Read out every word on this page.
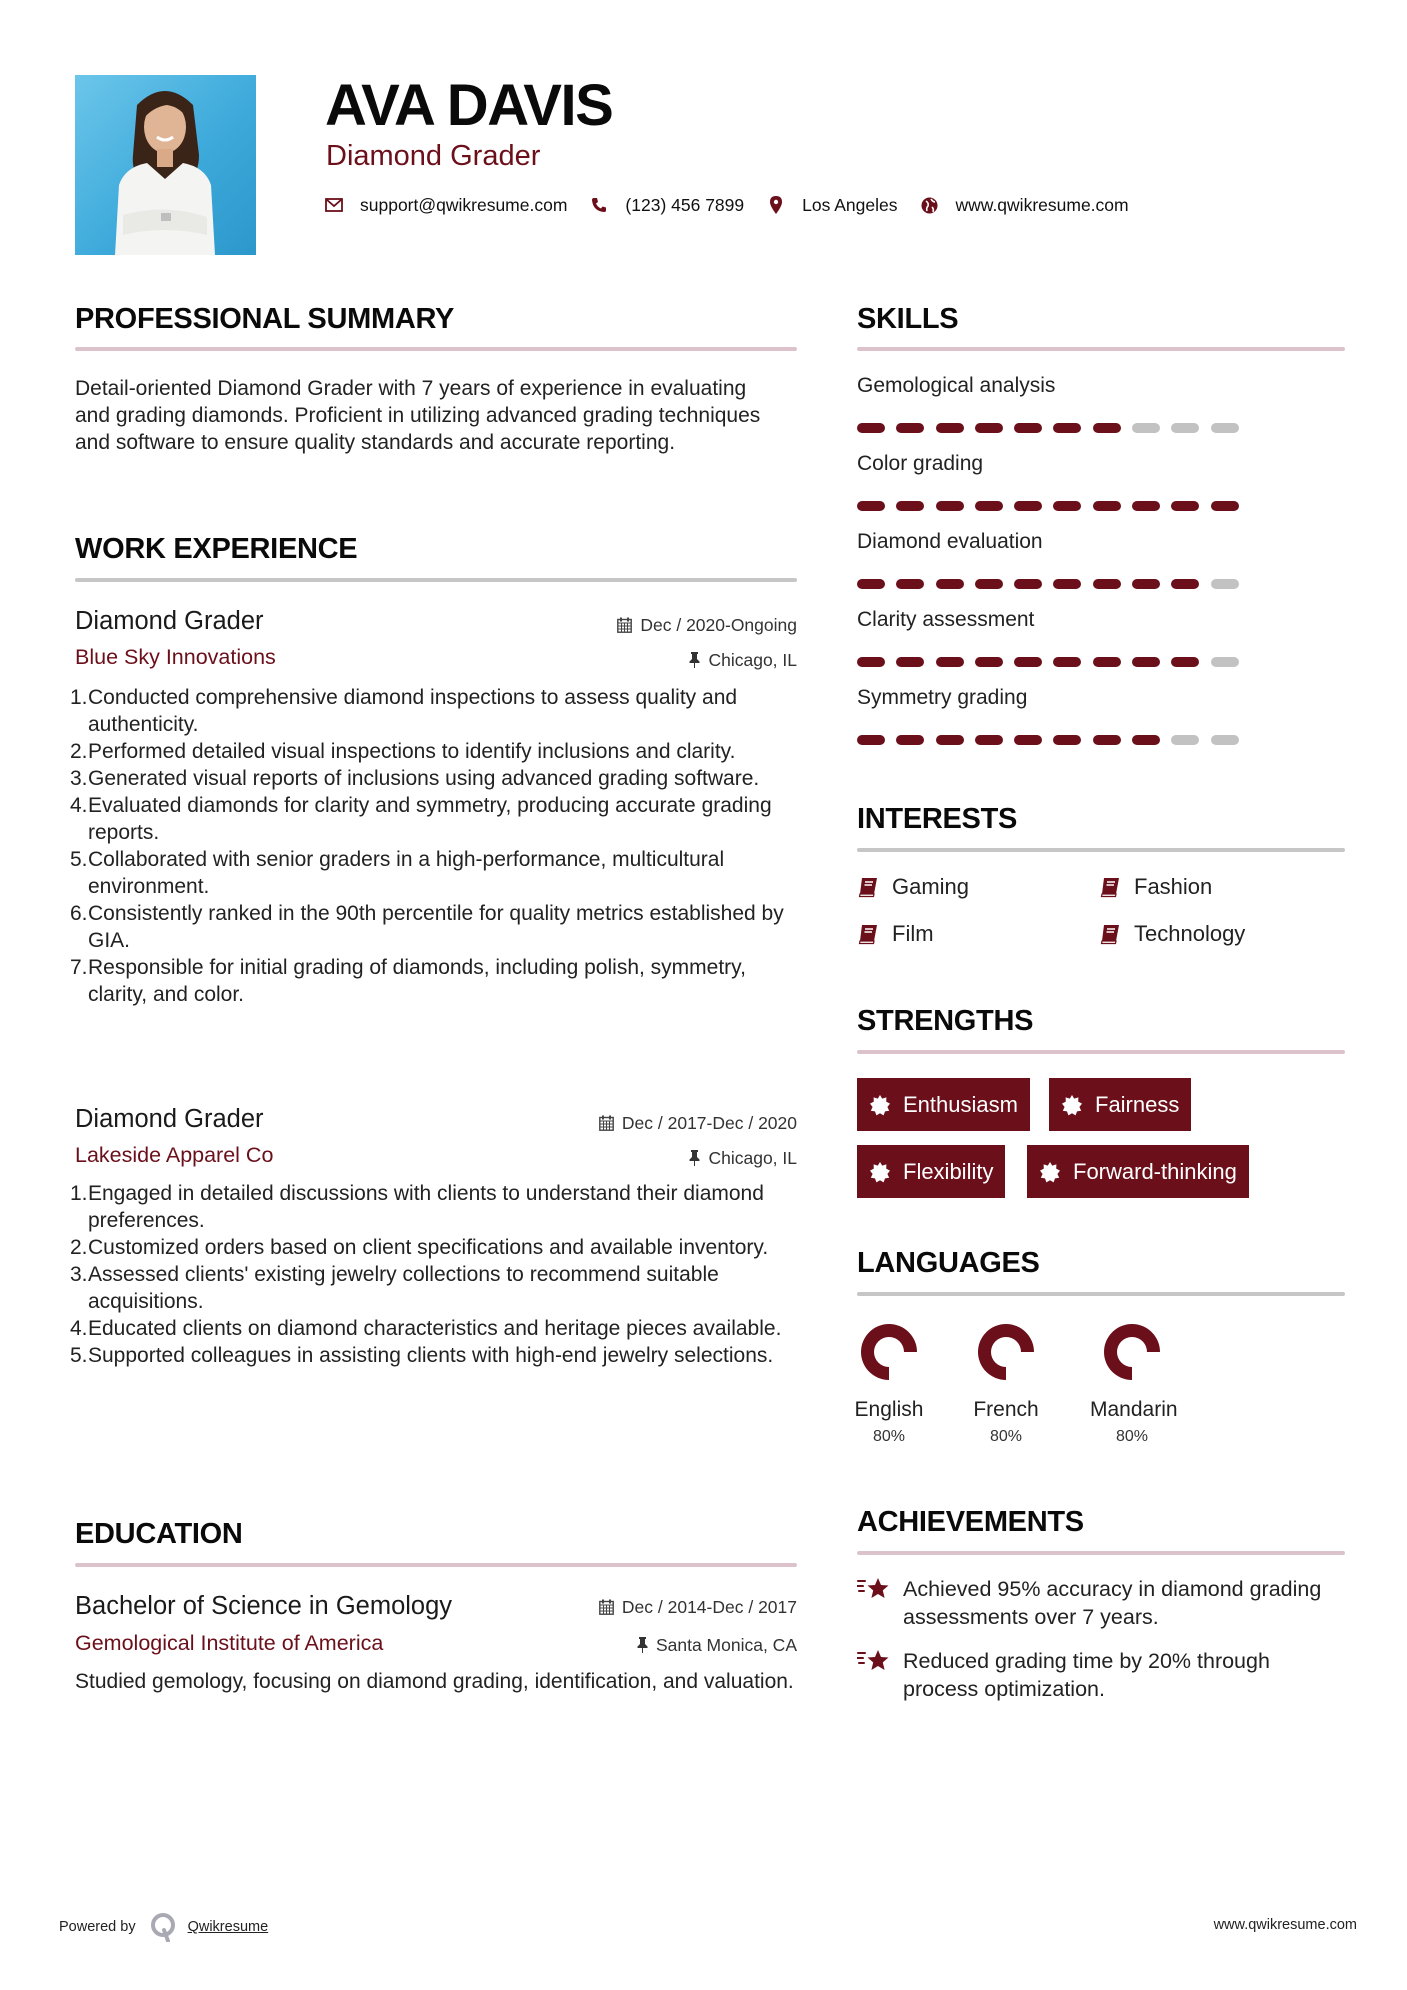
AVA DAVIS
Diamond Grader
support@qwikresume.com	(123) 456 7899	Los Angeles	www.qwikresume.com
PROFESSIONAL SUMMARY
Detail-oriented Diamond Grader with 7 years of experience in evaluating and grading diamonds. Proficient in utilizing advanced grading techniques and software to ensure quality standards and accurate reporting.
WORK EXPERIENCE
Diamond Grader	Dec / 2020-Ongoing
Blue Sky Innovations	Chicago, IL
1. Conducted comprehensive diamond inspections to assess quality and authenticity.
2. Performed detailed visual inspections to identify inclusions and clarity.
3. Generated visual reports of inclusions using advanced grading software.
4. Evaluated diamonds for clarity and symmetry, producing accurate grading reports.
5. Collaborated with senior graders in a high-performance, multicultural environment.
6. Consistently ranked in the 90th percentile for quality metrics established by GIA.
7. Responsible for initial grading of diamonds, including polish, symmetry, clarity, and color.
Diamond Grader	Dec / 2017-Dec / 2020
Lakeside Apparel Co	Chicago, IL
1. Engaged in detailed discussions with clients to understand their diamond preferences.
2. Customized orders based on client specifications and available inventory.
3. Assessed clients' existing jewelry collections to recommend suitable acquisitions.
4. Educated clients on diamond characteristics and heritage pieces available.
5. Supported colleagues in assisting clients with high-end jewelry selections.
EDUCATION
Bachelor of Science in Gemology	Dec / 2014-Dec / 2017
Gemological Institute of America	Santa Monica, CA
Studied gemology, focusing on diamond grading, identification, and valuation.
SKILLS
Gemological analysis
Color grading
Diamond evaluation
Clarity assessment
Symmetry grading
INTERESTS
Gaming	Fashion
Film	Technology
STRENGTHS
Enthusiasm	Fairness
Flexibility	Forward-thinking
LANGUAGES
English
80%
French
80%
Mandarin
80%
ACHIEVEMENTS
Achieved 95% accuracy in diamond grading assessments over 7 years.
Reduced grading time by 20% through process optimization.
Powered by	Qwikresume	www.qwikresume.com
